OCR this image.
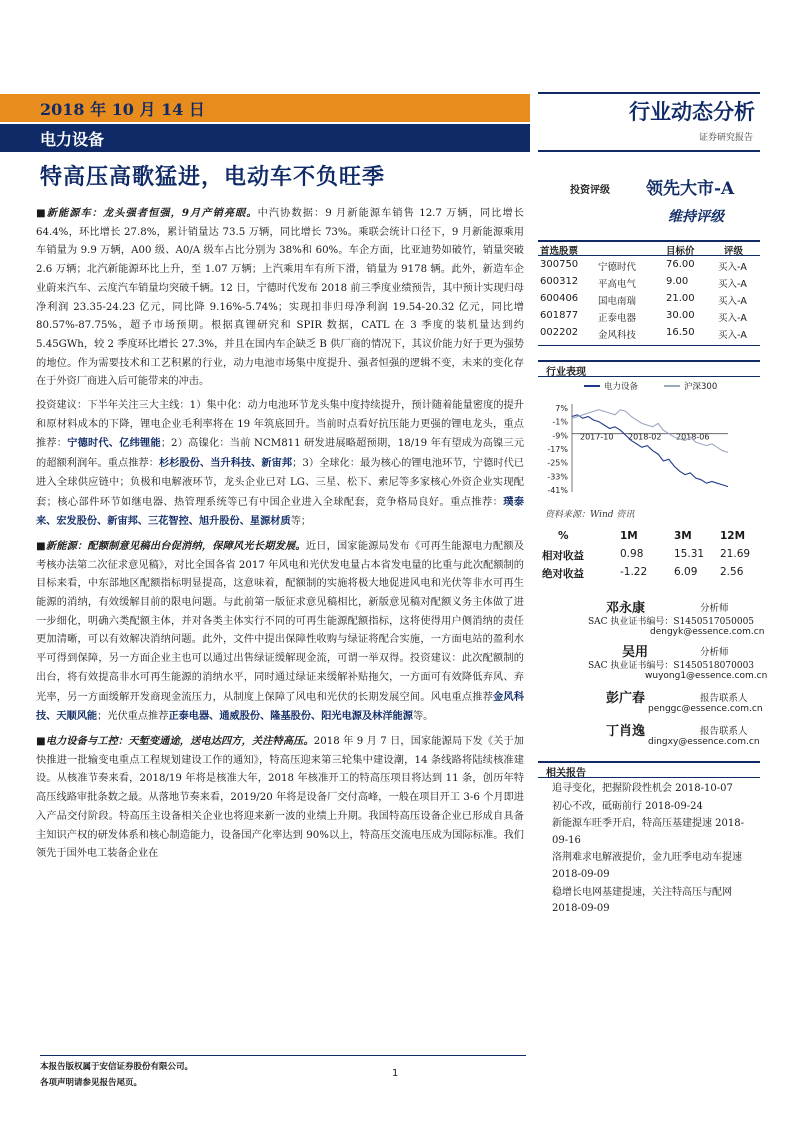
2018 年 10 月 14 日
电力设备
行业动态分析
证券研究报告
特高压高歌猛进，电动车不负旺季
投资评级 领先大市-A
维持评级

■新能源车：龙头强者恒强，9月产销亮眼。中汽协数据：9 月新能源车销售 12.7 万辆，同比增长 64.4%，环比增长 27.8%，累计销量达 73.5 万辆，同比增长 73%。乘联会统计口径下，9 月新能源乘用车销量为 9.9 万辆，A00 级、A0/A 级车占比分别为 38%和 60%。车企方面，比亚迪势如破竹，销量突破 2.6 万辆；北汽新能源环比上升，至 1.07 万辆；上汽乘用车有所下滑，销量为 9178 辆。此外，新造车企业蔚来汽车、云度汽车销量均突破千辆。12 日，宁德时代发布 2018 前三季度业绩预告，其中预计实现归母净利润 23.35-24.23 亿元，同比降 9.16%-5.74%；实现扣非归母净利润 19.54-20.32 亿元，同比增 80.57%-87.75%，超予市场预期。根据真锂研究和 SPIR 数据，CATL 在 3 季度的装机量达到约 5.45GWh，较 2 季度环比增长 27.3%，并且在国内车企缺乏 B 供厂商的情况下，其议价能力好于更为强势的地位。作为需要技术和工艺积累的行业，动力电池市场集中度提升、强者恒强的逻辑不变，未来的变化存在于外资厂商进入后可能带来的冲击。

投资建议：下半年关注三大主线：1）集中化：动力电池环节龙头集中度持续提升，预计随着能量密度的提升和原材料成本的下降，锂电企业毛利率将在 19 年筑底回升。当前时点看好抗压能力更强的锂电龙头，重点推荐：宁德时代、亿纬锂能；2）高镍化：当前 NCM811 研发进展略超预期，18/19 年有望成为高镍三元的超额利润年。重点推荐：杉杉股份、当升科技、新宙邦；3）全球化：最为核心的锂电池环节，宁德时代已进入全球供应链中；负极和电解液环节，龙头企业已对 LG、三星、松下、索尼等多家核心外资企业实现配套；核心部件环节如继电器、热管理系统等已有中国企业进入全球配套，竞争格局良好。重点推荐：璞泰来、宏发股份、新宙邦、三花智控、旭升股份、星源材质等；

■新能源：配额制意见稿出台促消纳，保障风光长期发展。近日，国家能源局发布《可再生能源电力配额及考核办法第二次征求意见稿》，对比全国各省 2017 年风电和光伏发电量占本省发电量的比重与此次配额制的目标来看，中东部地区配额指标明显提高，这意味着，配额制的实施将极大地促进风电和光伏等非水可再生能源的消纳，有效缓解目前的限电问题。与此前第一版征求意见稿相比，新版意见稿对配额义务主体做了进一步细化，明确六类配额主体，并对各类主体实行不同的可再生能源配额指标，这将使得用户侧消纳的责任更加清晰，可以有效解决消纳问题。此外，文件中提出保障性收购与绿证将配合实施，一方面电站的盈利水平可得到保障，另一方面企业主也可以通过出售绿证缓解现金流，可谓一举双得。投资建议：此次配额制的出台，将有效提高非水可再生能源的消纳水平，同时通过绿证来缓解补贴拖欠，一方面可有效降低弃风、弃光率，另一方面缓解开发商现金流压力，从制度上保障了风电和光伏的长期发展空间。风电重点推荐金风科技、天顺风能；光伏重点推荐正泰电器、通威股份、隆基股份、阳光电源及林洋能源等。

■电力设备与工控：天堑变通途，送电达四方，关注特高压。2018 年 9 月 7 日，国家能源局下发《关于加快推进一批输变电重点工程规划建设工作的通知》，特高压迎来第三轮集中建设潮，14 条线路将陆续核准建设。从核准节奏来看，2018/19 年将是核准大年，2018 年核准开工的特高压项目将达到 11 条，创历年特高压线路审批条数之最。从落地节奏来看，2019/20 年将是设备厂交付高峰，一般在项目开工 3-6 个月即进入产品交付阶段。特高压主设备相关企业也将迎来新一波的业绩上升期。我国特高压设备企业已形成自具备主知识产权的研发体系和核心制造能力，设备国产化率达到 90%以上，特高压交流电压成为国际标准。我们领先于国外电工装备企业在

首选股票	目标价	评级
300750 宁德时代	76.00 买入-A
600312 平高电气	9.00	买入-A
600406 国电南瑞	21.00 买入-A
601877 正泰电器	30.00 买入-A
002202 金风科技	16.50 买入-A
行业表现
7%
-1%
-9%
-17%
-25%
-33%
-41%
2017-10 2018-02 2018-06
电力设备	沪深300
资料来源：Wind 资讯
%	1M	3M	12M
相对收益	0.98	15.31 21.69
绝对收益	-1.22	6.09 2.56
邓永康	分析师
SAC 执业证书编号：S1450517050005
dengyk@essence.com.cn
吴用	分析师
SAC 执业证书编号：S1450518070003
wuyong1@essence.com.cn
彭广春	报告联系人
penggc@essence.com.cn
丁肖逸	报告联系人
dingxy@essence.com.cn
相关报告
追寻变化，把握阶段性机会 2018-10-07
初心不改，砥砺前行 2018-09-24
新能源车旺季开启，特高压基建提速 2018-09-16
洛荆难求电解液提价，金九旺季电动车提速 2018-09-09
稳增长电网基建提速，关注特高压与配网 2018-09-09
本报告版权属于安信证券股份有限公司。
各项声明请参见报告尾页。
1
